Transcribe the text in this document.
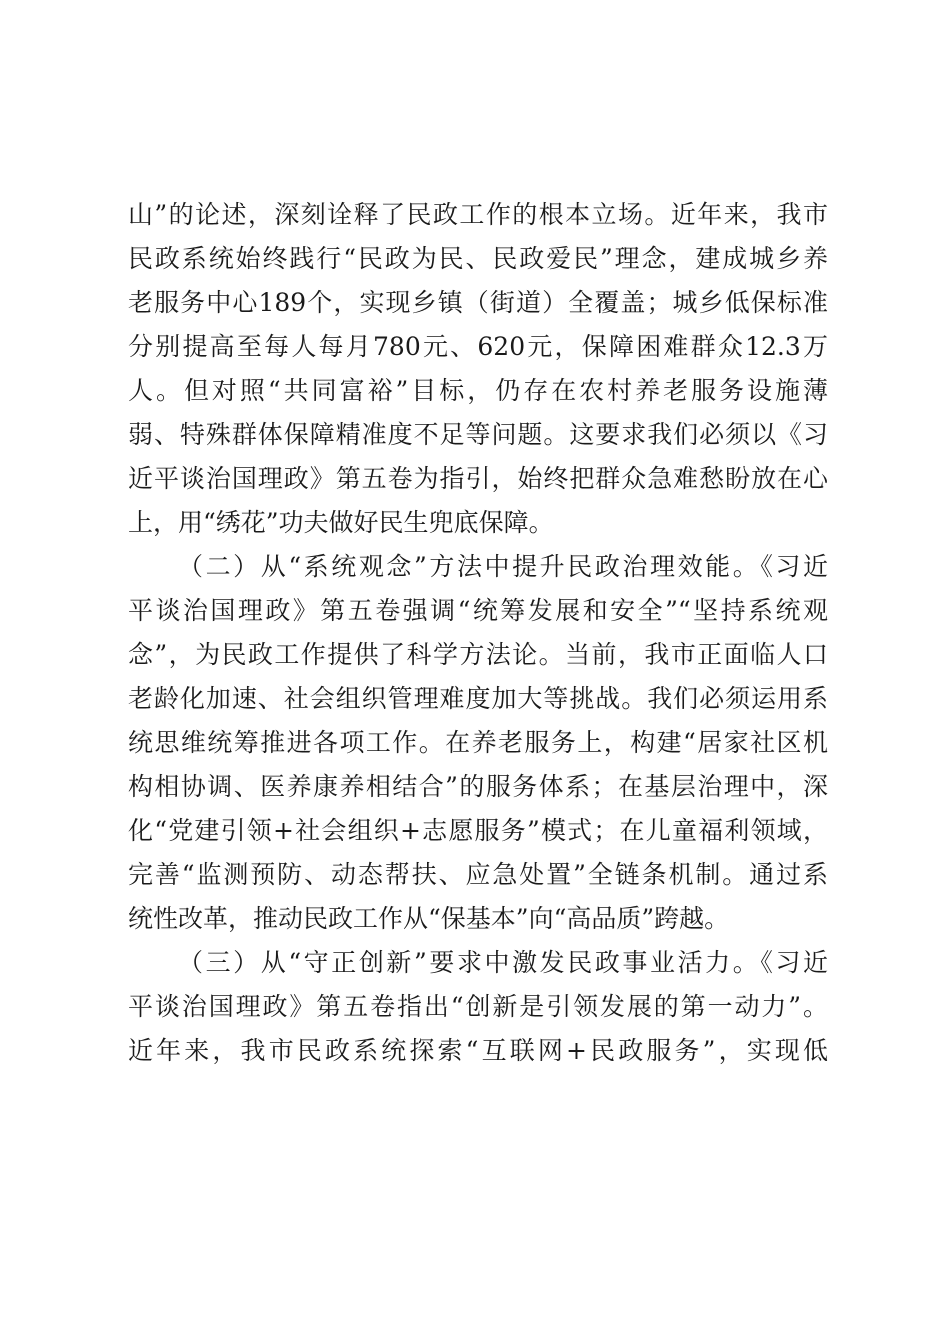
山”的论述，深刻诠释了民政工作的根本立场。近年来，我市
民政系统始终践行“民政为民、民政爱民”理念，建成城乡养
老服务中心189个，实现乡镇（街道）全覆盖；城乡低保标准
分别提高至每人每月780元、620元，保障困难群众12.3万
人。但对照“共同富裕”目标，仍存在农村养老服务设施薄
弱、特殊群体保障精准度不足等问题。这要求我们必须以《习
近平谈治国理政》第五卷为指引，始终把群众急难愁盼放在心
上，用“绣花”功夫做好民生兜底保障。
（二）从“系统观念”方法中提升民政治理效能。《习近
平谈治国理政》第五卷强调“统筹发展和安全”“坚持系统观
念”，为民政工作提供了科学方法论。当前，我市正面临人口
老龄化加速、社会组织管理难度加大等挑战。我们必须运用系
统思维统筹推进各项工作。在养老服务上，构建“居家社区机
构相协调、医养康养相结合”的服务体系；在基层治理中，深
化“党建引领+社会组织+志愿服务”模式；在儿童福利领域，
完善“监测预防、动态帮扶、应急处置”全链条机制。通过系
统性改革，推动民政工作从“保基本”向“高品质”跨越。
（三）从“守正创新”要求中激发民政事业活力。《习近
平谈治国理政》第五卷指出“创新是引领发展的第一动力”。
近年来，我市民政系统探索“互联网+民政服务”，实现低
